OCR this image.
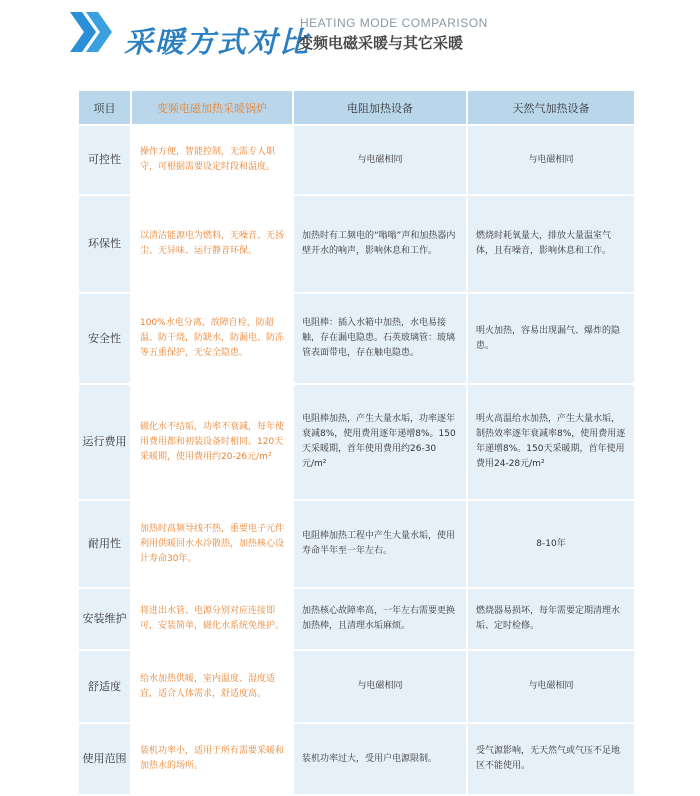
采暖方式对比
HEATING MODE COMPARISON
变频电磁采暖与其它采暖
项目	变频电磁加热采暖锅炉	电阻加热设备	天然气加热设备
可控性	操作方便，智能控制，无需专人职守，可根据需要设定时段和温度。	与电磁相同	与电磁相同
环保性	以清洁能源电为燃料，无噪音、无扬尘、无异味、运行静音环保。	加热时有工频电的“嗡嗡”声和加热器内壁开水的响声，影响休息和工作。	燃烧时耗氧量大，排放大量温室气体，且有噪音，影响休息和工作。
安全性	100%水电分离，故障自检，防超温、防干烧，防缺水，防漏电、防冻等五重保护，无安全隐患。	电阻棒：插入水箱中加热，水电易接触，存在漏电隐患。石英玻璃管：玻璃管表面带电，存在触电隐患。	明火加热，容易出现漏气、爆炸的隐患。
运行费用	磁化水不结垢，功率不衰减，每年使用费用都和初装设备时相同。120天采暖期，使用费用约20-26元/m²	电阻棒加热，产生大量水垢，功率逐年衰减8%，使用费用逐年递增8%。150天采暖期，首年使用费用约26-30元/m²	明火高温给水加热，产生大量水垢，制热效率逐年衰减率8%，使用费用逐年递增8%。150天采暖期，首年使用费用24-28元/m²
耐用性	加热时高频导线不热，重要电子元件利用供暖回水水冷散热，加热核心设计寿命30年。	电阻棒加热工程中产生大量水垢，使用寿命半年至一年左右。	8-10年
安装维护	将进出水管、电源分别对应连接即可，安装简单，磁化水系统免维护。	加热核心故障率高，一年左右需要更换加热棒，且清理水垢麻烦。	燃烧器易损坏，每年需要定期清理水垢、定时检修。
舒适度	给水加热供暖，室内温度、湿度适宜，适合人体需求，舒适度高。	与电磁相同	与电磁相同
使用范围	装机功率小，适用于所有需要采暖和加热水的场所。	装机功率过大，受用户电源限制。	受气源影响，无天然气或气压不足地区不能使用。
